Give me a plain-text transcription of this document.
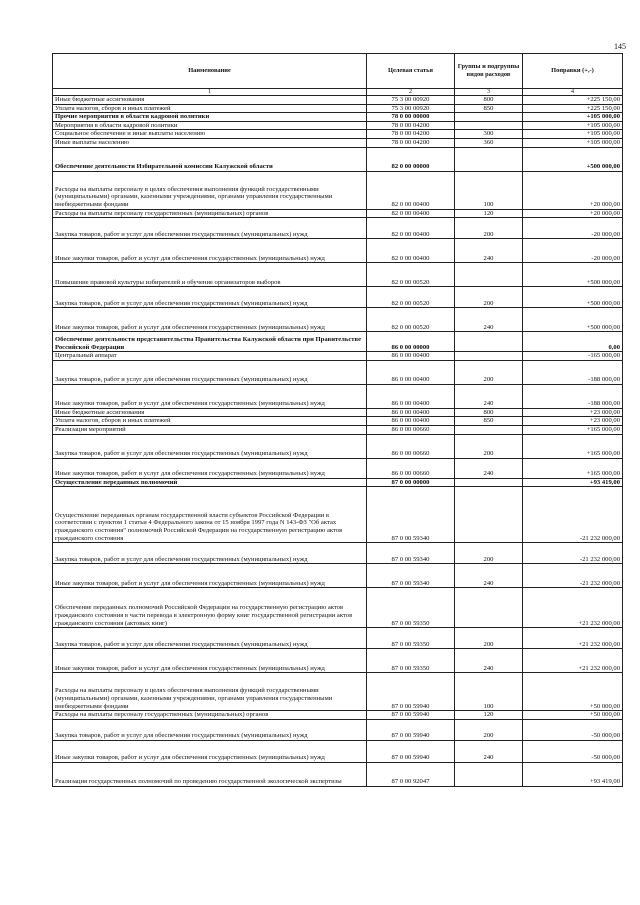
145
Наименование	Целевая статья	Группы и подгруппы видов расходов	Поправки (+,-)
1	2	3	4
Иные бюджетные ассигнования	75 3 00 00920	800	+225 150,00
Уплата налогов, сборов и иных платежей	75 3 00 00920	850	+225 150,00
Прочие мероприятия в области кадровой политики	78 0 00 00000		+105 000,00
Мероприятия в области кадровой политики	78 0 00 04200		+105 000,00
Социальное обеспечение и иные выплаты населению	78 0 00 04200	300	+105 000,00
Иные выплаты населению	78 0 00 04200	360	+105 000,00
Обеспечение деятельности Избирательной комиссии Калужской области	82 0 00 00000		+500 000,00
Расходы на выплаты персоналу в целях обеспечения выполнения функций государственными (муниципальными) органами, казенными учреждениями, органами управления государственными внебюджетными фондами	82 0 00 00400	100	+20 000,00
Расходы на выплаты персоналу государственных (муниципальных) органов	82 0 00 00400	120	+20 000,00
Закупка товаров, работ и услуг для обеспечения государственных (муниципальных) нужд	82 0 00 00400	200	-20 000,00
Иные закупки товаров, работ и услуг для обеспечения государственных (муниципальных) нужд	82 0 00 00400	240	-20 000,00
Повышение правовой культуры избирателей и обучение организаторов выборов	82 0 00 00520		+500 000,00
Закупка товаров, работ и услуг для обеспечения государственных (муниципальных) нужд	82 0 00 00520	200	+500 000,00
Иные закупки товаров, работ и услуг для обеспечения государственных (муниципальных) нужд	82 0 00 00520	240	+500 000,00
Обеспечение деятельности представительства Правительства Калужской области при Правительстве Российской Федерации	86 0 00 00000		0,00
Центральный аппарат	86 0 00 00400		-165 000,00
Закупка товаров, работ и услуг для обеспечения государственных (муниципальных) нужд	86 0 00 00400	200	-188 000,00
Иные закупки товаров, работ и услуг для обеспечения государственных (муниципальных) нужд	86 0 00 00400	240	-188 000,00
Иные бюджетные ассигнования	86 0 00 00400	800	+23 000,00
Уплата налогов, сборов и иных платежей	86 0 00 00400	850	+23 000,00
Реализация мероприятий	86 0 00 00660		+165 000,00
Закупка товаров, работ и услуг для обеспечения государственных (муниципальных) нужд	86 0 00 00660	200	+165 000,00
Иные закупки товаров, работ и услуг для обеспечения государственных (муниципальных) нужд	86 0 00 00660	240	+165 000,00
Осуществление переданных полномочий	87 0 00 00000		+93 419,00
Осуществление переданных органам государственной власти субъектов Российской Федерации в соответствии с пунктом 1 статьи 4 Федерального закона от 15 ноября 1997 года N 143-ФЗ "Об актах гражданского состояния" полномочий Российской Федерации на государственную регистрацию актов гражданского состояния	87 0 00 59340		-21 232 000,00
Закупка товаров, работ и услуг для обеспечения государственных (муниципальных) нужд	87 0 00 59340	200	-21 232 000,00
Иные закупки товаров, работ и услуг для обеспечения государственных (муниципальных) нужд	87 0 00 59340	240	-21 232 000,00
Обеспечение переданных полномочий Российской Федерации на государственную регистрацию актов гражданского состояния в части перевода в электронную форму книг государственной регистрации актов гражданского состояния (актовых книг)	87 0 00 59350		+21 232 000,00
Закупка товаров, работ и услуг для обеспечения государственных (муниципальных) нужд	87 0 00 59350	200	+21 232 000,00
Иные закупки товаров, работ и услуг для обеспечения государственных (муниципальных) нужд	87 0 00 59350	240	+21 232 000,00
Расходы на выплаты персоналу в целях обеспечения выполнения функций государственными (муниципальными) органами, казенными учреждениями, органами управления государственными внебюджетными фондами	87 0 00 59940	100	+50 000,00
Расходы на выплаты персоналу государственных (муниципальных) органов	87 0 00 59940	120	+50 000,00
Закупка товаров, работ и услуг для обеспечения государственных (муниципальных) нужд	87 0 00 59940	200	-50 000,00
Иные закупки товаров, работ и услуг для обеспечения государственных (муниципальных) нужд	87 0 00 59940	240	-50 000,00
Реализация государственных полномочий по проведению государственной экологической экспертизы	87 0 00 92047		+93 419,00
